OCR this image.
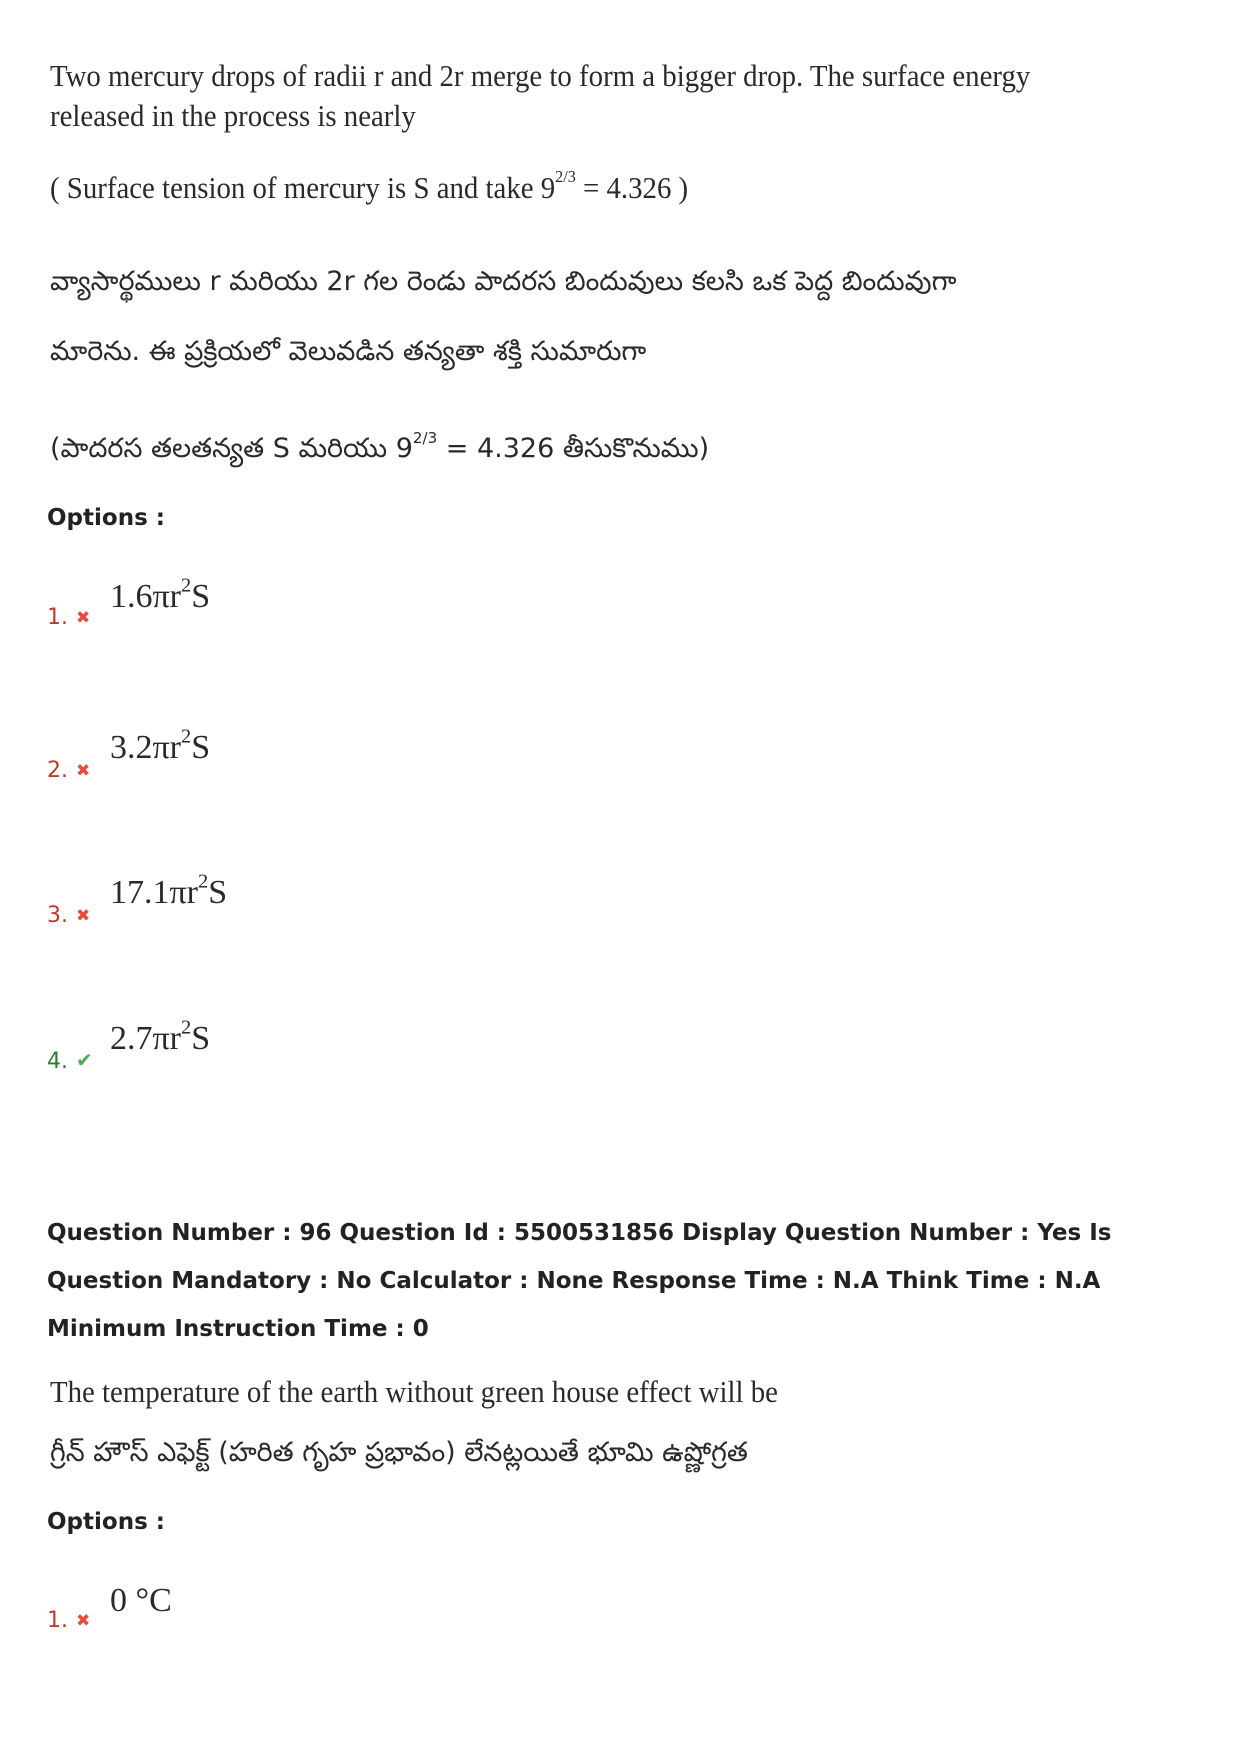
Two mercury drops of radii r and 2r merge to form a bigger drop. The surface energy
released in the process is nearly
( Surface tension of mercury is S and take 92/3 = 4.326 )
వ్యాసార్థములు r మరియు 2r గల రెండు పాదరస బిందువులు కలసి ఒక పెద్ద బిందువుగా
మారెను. ఈ ప్రక్రియలో వెలువడిన తన్యతా శక్తి సుమారుగా
(పాదరస తలతన్యత S మరియు 92/3 = 4.326 తీసుకొనుము)
Options :
1. ✖
$1.6\pi r^2S$
2. ✖
$3.2\pi r^2S$
3. ✖
$17.1\pi r^2S$
4. ✔
$2.7\pi r^2S$
Question Number : 96 Question Id : 5500531856 Display Question Number : Yes Is Question Mandatory : No Calculator : None Response Time : N.A Think Time : N.A Minimum Instruction Time : 0
The temperature of the earth without green house effect will be
గ్రీన్ హౌస్ ఎఫెక్ట్ (హరిత గృహ ప్రభావం) లేనట్లయితే భూమి ఉష్ణోగ్రత
Options :
1. ✖
0 °C
